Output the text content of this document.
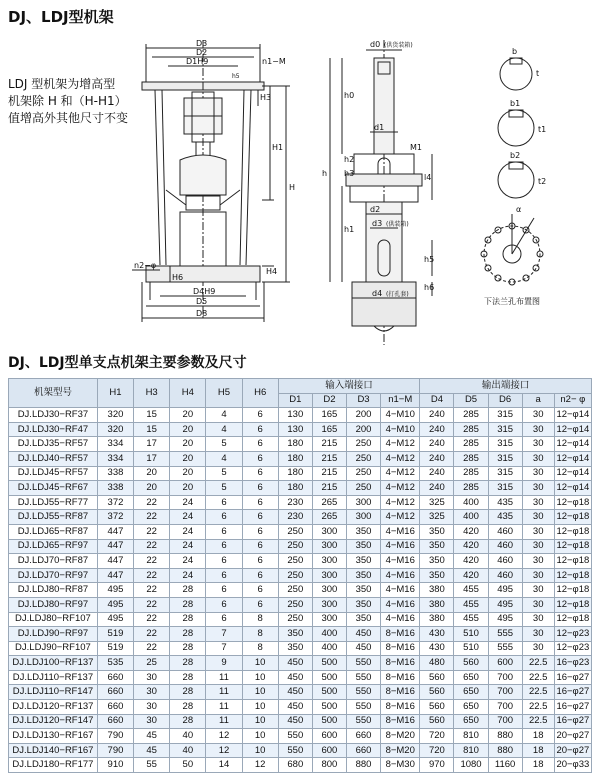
DJ、LDJ型机架
LDJ 型机架为增高型
机架除 H 和（H-H1）
值增高外其他尺寸不变
D3
D2
D1H9	n1−M
h5
H3
H1
H
n2−φ
H4
H6
D4H9
D5
D8
d0 (供货装箱)
h0
d1
h2
h3
h
M1
l4
d2
d3 (供装箱)
h1
h5
h6
d4 (打孔套)
b
t
b1
t1
b2
t2
α
下法兰孔布置图
DJ、LDJ型单支点机架主要参数及尺寸
机架型号	H1	H3	H4	H5	H6	输入端接口				输出端接口				
						D1	D2	D3	n1−M	D4	D5	D6	a	n2− φ
DJ.LDJ30−RF37	320	15	20	4	6	130	165	200	4−M10	240	285	315	30	12−φ14
DJ.LDJ30−RF47	320	15	20	4	6	130	165	200	4−M10	240	285	315	30	12−φ14
DJ.LDJ35−RF57	334	17	20	5	6	180	215	250	4−M12	240	285	315	30	12−φ14
DJ.LDJ40−RF57	334	17	20	4	6	180	215	250	4−M12	240	285	315	30	12−φ14
DJ.LDJ45−RF57	338	20	20	5	6	180	215	250	4−M12	240	285	315	30	12−φ14
DJ.LDJ45−RF67	338	20	20	5	6	180	215	250	4−M12	240	285	315	30	12−φ14
DJ.LDJ55−RF77	372	22	24	6	6	230	265	300	4−M12	325	400	435	30	12−φ18
DJ.LDJ55−RF87	372	22	24	6	6	230	265	300	4−M12	325	400	435	30	12−φ18
DJ.LDJ65−RF87	447	22	24	6	6	250	300	350	4−M16	350	420	460	30	12−φ18
DJ.LDJ65−RF97	447	22	24	6	6	250	300	350	4−M16	350	420	460	30	12−φ18
DJ.LDJ70−RF87	447	22	24	6	6	250	300	350	4−M16	350	420	460	30	12−φ18
DJ.LDJ70−RF97	447	22	24	6	6	250	300	350	4−M16	350	420	460	30	12−φ18
DJ.LDJ80−RF87	495	22	28	6	6	250	300	350	4−M16	380	455	495	30	12−φ18
DJ.LDJ80−RF97	495	22	28	6	6	250	300	350	4−M16	380	455	495	30	12−φ18
DJ.LDJ80−RF107	495	22	28	6	8	250	300	350	4−M16	380	455	495	30	12−φ18
DJ.LDJ90−RF97	519	22	28	7	8	350	400	450	8−M16	430	510	555	30	12−φ23
DJ.LDJ90−RF107	519	22	28	7	8	350	400	450	8−M16	430	510	555	30	12−φ23
DJ.LDJ100−RF137	535	25	28	9	10	450	500	550	8−M16	480	560	600	22.5	16−φ23
DJ.LDJ110−RF137	660	30	28	11	10	450	500	550	8−M16	560	650	700	22.5	16−φ27
DJ.LDJ110−RF147	660	30	28	11	10	450	500	550	8−M16	560	650	700	22.5	16−φ27
DJ.LDJ120−RF137	660	30	28	11	10	450	500	550	8−M16	560	650	700	22.5	16−φ27
DJ.LDJ120−RF147	660	30	28	11	10	450	500	550	8−M16	560	650	700	22.5	16−φ27
DJ.LDJ130−RF167	790	45	40	12	10	550	600	660	8−M20	720	810	880	18	20−φ27
DJ.LDJ140−RF167	790	45	40	12	10	550	600	660	8−M20	720	810	880	18	20−φ27
DJ.LDJ180−RF177	910	55	50	14	12	680	800	880	8−M30	970	1080	1160	18	20−φ33
